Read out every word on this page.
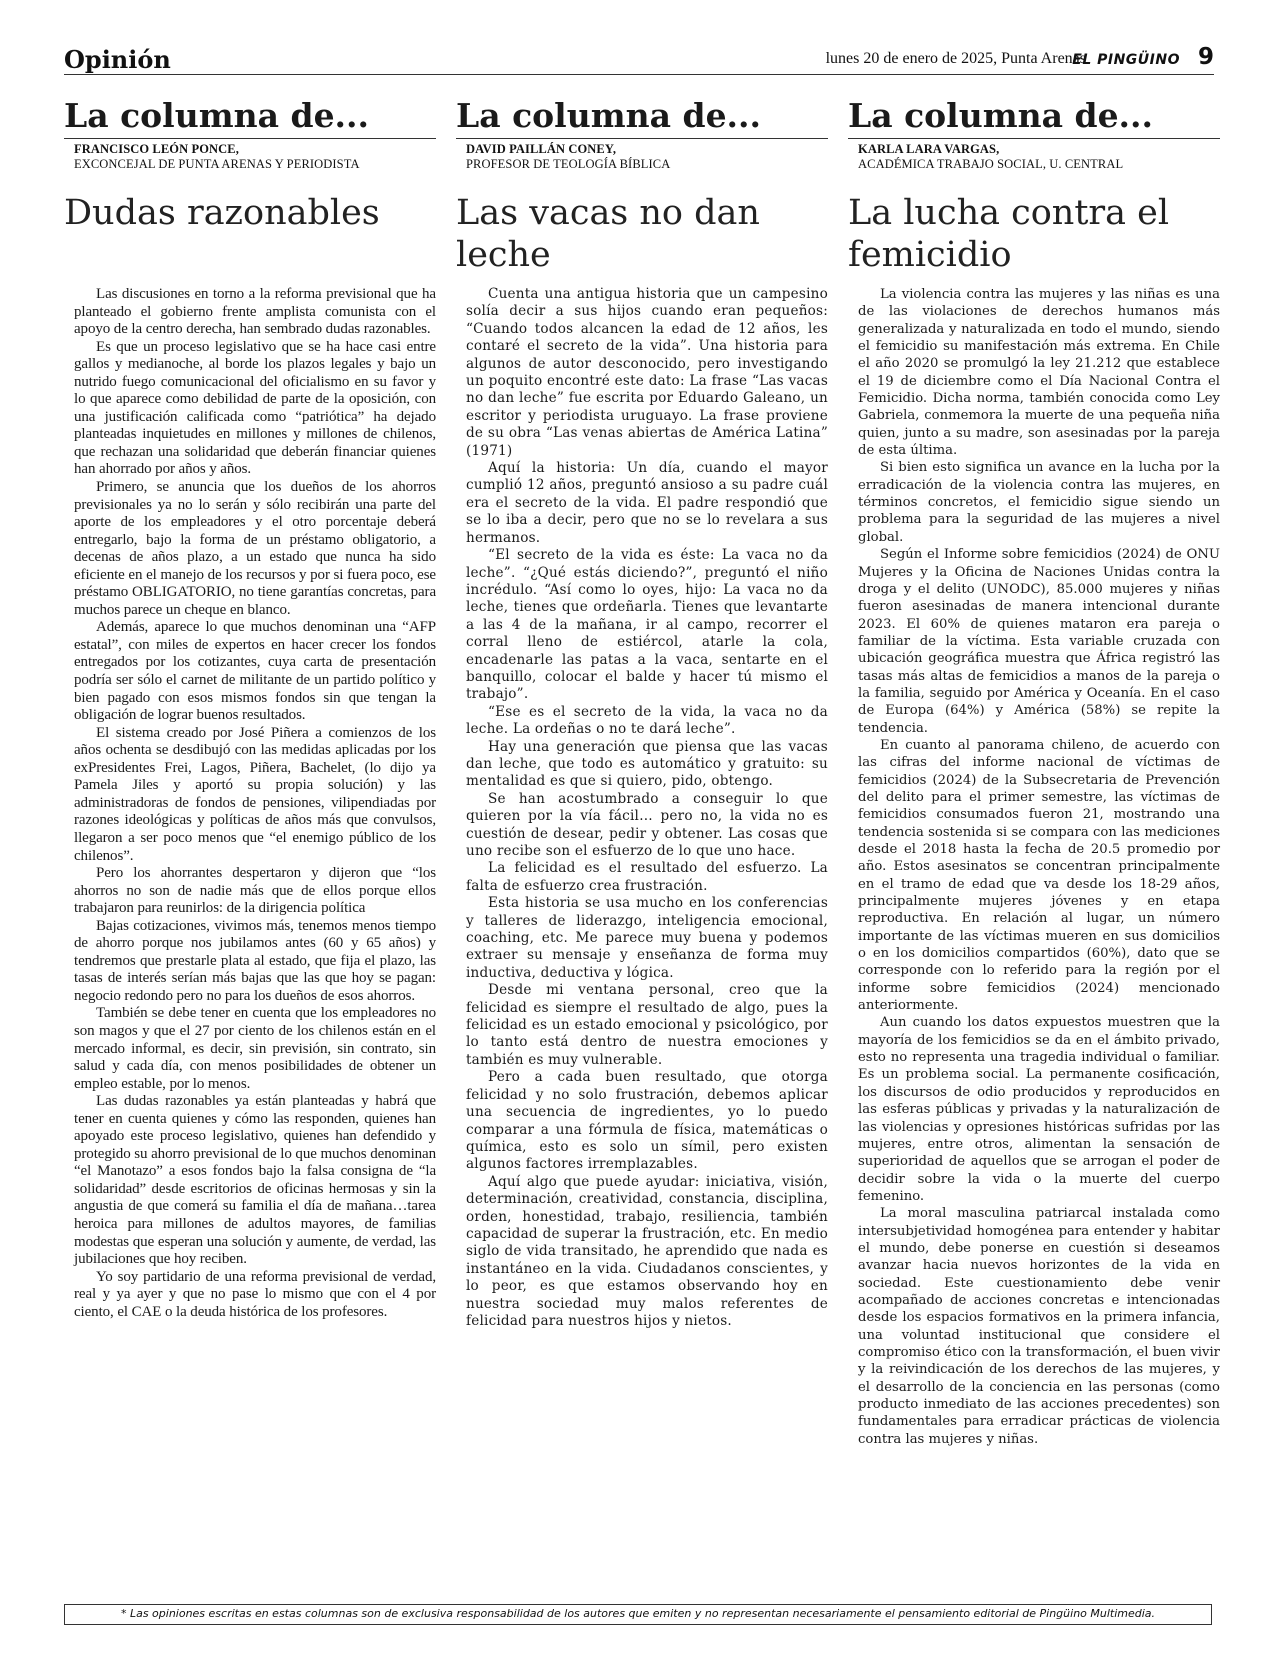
Opinión	lunes 20 de enero de 2025, Punta Arenas
EL PINGÜINO 9
La columna de...
FRANCISCO LEÓN PONCE,
EXCONCEJAL DE PUNTA ARENAS Y PERIODISTA
Dudas razonables

Las discusiones en torno a la reforma previsional que ha planteado el gobierno frente amplista comunista con el apoyo de la centro derecha, han sembrado dudas razonables.

Es que un proceso legislativo que se ha hace casi entre gallos y medianoche, al borde los plazos legales y bajo un nutrido fuego comunicacional del oficialismo en su favor y lo que aparece como debilidad de parte de la oposición, con una justificación calificada como “patriótica” ha dejado planteadas inquietudes en millones y millones de chilenos, que rechazan una solidaridad que deberán financiar quienes han ahorrado por años y años.

Primero, se anuncia que los dueños de los ahorros previsionales ya no lo serán y sólo recibirán una parte del aporte de los empleadores y el otro porcentaje deberá entregarlo, bajo la forma de un préstamo obligatorio, a decenas de años plazo, a un estado que nunca ha sido eficiente en el manejo de los recursos y por si fuera poco, ese préstamo OBLIGATORIO, no tiene garantías concretas, para muchos parece un cheque en blanco.

Además, aparece lo que muchos denominan una “AFP estatal”, con miles de expertos en hacer crecer los fondos entregados por los cotizantes, cuya carta de presentación podría ser sólo el carnet de militante de un partido político y bien pagado con esos mismos fondos sin que tengan la obligación de lograr buenos resultados.

El sistema creado por José Piñera a comienzos de los años ochenta se desdibujó con las medidas aplicadas por los exPresidentes Frei, Lagos, Piñera, Bachelet, (lo dijo ya Pamela Jiles y aportó su propia solución) y las administradoras de fondos de pensiones, vilipendiadas por razones ideológicas y políticas de años más que convulsos, llegaron a ser poco menos que “el enemigo público de los chilenos”.

Pero los ahorrantes despertaron y dijeron que “los ahorros no son de nadie más que de ellos porque ellos trabajaron para reunirlos: de la dirigencia política

Bajas cotizaciones, vivimos más, tenemos menos tiempo de ahorro porque nos jubilamos antes (60 y 65 años) y tendremos que prestarle plata al estado, que fija el plazo, las tasas de interés serían más bajas que las que hoy se pagan: negocio redondo pero no para los dueños de esos ahorros.

También se debe tener en cuenta que los empleadores no son magos y que el 27 por ciento de los chilenos están en el mercado informal, es decir, sin previsión, sin contrato, sin salud y cada día, con menos posibilidades de obtener un empleo estable, por lo menos.

Las dudas razonables ya están planteadas y habrá que tener en cuenta quienes y cómo las responden, quienes han apoyado este proceso legislativo, quienes han defendido y protegido su ahorro previsional de lo que muchos denominan “el Manotazo” a esos fondos bajo la falsa consigna de “la solidaridad” desde escritorios de oficinas hermosas y sin la angustia de que comerá su familia el día de mañana…tarea heroica para millones de adultos mayores, de familias modestas que esperan una solución y aumente, de verdad, las jubilaciones que hoy reciben.

Yo soy partidario de una reforma previsional de verdad, real y ya ayer y que no pase lo mismo que con el 4 por ciento, el CAE o la deuda histórica de los profesores.

La columna de...
DAVID PAILLÁN CONEY,
PROFESOR DE TEOLOGÍA BÍBLICA
Las vacas no dan leche

Cuenta una antigua historia que un campesino solía decir a sus hijos cuando eran pequeños: “Cuando todos alcancen la edad de 12 años, les contaré el secreto de la vida”. Una historia para algunos de autor desconocido, pero investigando un poquito encontré este dato: La frase “Las vacas no dan leche” fue escrita por Eduardo Galeano, un escritor y periodista uruguayo. La frase proviene de su obra “Las venas abiertas de América Latina” (1971)

Aquí la historia: Un día, cuando el mayor cumplió 12 años, preguntó ansioso a su padre cuál era el secreto de la vida. El padre respondió que se lo iba a decir, pero que no se lo revelara a sus hermanos.

“El secreto de la vida es éste: La vaca no da leche”. “¿Qué estás diciendo?”, preguntó el niño incrédulo. “Así como lo oyes, hijo: La vaca no da leche, tienes que ordeñarla. Tienes que levantarte a las 4 de la mañana, ir al campo, recorrer el corral lleno de estiércol, atarle la cola, encadenarle las patas a la vaca, sentarte en el banquillo, colocar el balde y hacer tú mismo el trabajo”.

“Ese es el secreto de la vida, la vaca no da leche. La ordeñas o no te dará leche”.

Hay una generación que piensa que las vacas dan leche, que todo es automático y gratuito: su mentalidad es que si quiero, pido, obtengo.

Se han acostumbrado a conseguir lo que quieren por la vía fácil… pero no, la vida no es cuestión de desear, pedir y obtener. Las cosas que uno recibe son el esfuerzo de lo que uno hace.

La felicidad es el resultado del esfuerzo. La falta de esfuerzo crea frustración.

Esta historia se usa mucho en los conferencias y talleres de liderazgo, inteligencia emocional, coaching, etc. Me parece muy buena y podemos extraer su mensaje y enseñanza de forma muy inductiva, deductiva y lógica.

Desde mi ventana personal, creo que la felicidad es siempre el resultado de algo, pues la felicidad es un estado emocional y psicológico, por lo tanto está dentro de nuestra emociones y también es muy vulnerable.

Pero a cada buen resultado, que otorga felicidad y no solo frustración, debemos aplicar una secuencia de ingredientes, yo lo puedo comparar a una fórmula de física, matemáticas o química, esto es solo un símil, pero existen algunos factores irremplazables.

Aquí algo que puede ayudar: iniciativa, visión, determinación, creatividad, constancia, disciplina, orden, honestidad, trabajo, resiliencia, también capacidad de superar la frustración, etc. En medio siglo de vida transitado, he aprendido que nada es instantáneo en la vida. Ciudadanos conscientes, y lo peor, es que estamos observando hoy en nuestra sociedad muy malos referentes de felicidad para nuestros hijos y nietos.

La columna de...
KARLA LARA VARGAS,
ACADÉMICA TRABAJO SOCIAL, U. CENTRAL
La lucha contra el femicidio

La violencia contra las mujeres y las niñas es una de las violaciones de derechos humanos más generalizada y naturalizada en todo el mundo, siendo el femicidio su manifestación más extrema. En Chile el año 2020 se promulgó la ley 21.212 que establece el 19 de diciembre como el Día Nacional Contra el Femicidio. Dicha norma, también conocida como Ley Gabriela, conmemora la muerte de una pequeña niña quien, junto a su madre, son asesinadas por la pareja de esta última.

Si bien esto significa un avance en la lucha por la erradicación de la violencia contra las mujeres, en términos concretos, el femicidio sigue siendo un problema para la seguridad de las mujeres a nivel global.

Según el Informe sobre femicidios (2024) de ONU Mujeres y la Oficina de Naciones Unidas contra la droga y el delito (UNODC), 85.000 mujeres y niñas fueron asesinadas de manera intencional durante 2023. El 60% de quienes mataron era pareja o familiar de la víctima. Esta variable cruzada con ubicación geográfica muestra que África registró las tasas más altas de femicidios a manos de la pareja o la familia, seguido por América y Oceanía. En el caso de Europa (64%) y América (58%) se repite la tendencia.

En cuanto al panorama chileno, de acuerdo con las cifras del informe nacional de víctimas de femicidios (2024) de la Subsecretaria de Prevención del delito para el primer semestre, las víctimas de femicidios consumados fueron 21, mostrando una tendencia sostenida si se compara con las mediciones desde el 2018 hasta la fecha de 20.5 promedio por año. Estos asesinatos se concentran principalmente en el tramo de edad que va desde los 18-29 años, principalmente mujeres jóvenes y en etapa reproductiva. En relación al lugar, un número importante de las víctimas mueren en sus domicilios o en los domicilios compartidos (60%), dato que se corresponde con lo referido para la región por el informe sobre femicidios (2024) mencionado anteriormente.

Aun cuando los datos expuestos muestren que la mayoría de los femicidios se da en el ámbito privado, esto no representa una tragedia individual o familiar. Es un problema social. La permanente cosificación, los discursos de odio producidos y reproducidos en las esferas públicas y privadas y la naturalización de las violencias y opresiones históricas sufridas por las mujeres, entre otros, alimentan la sensación de superioridad de aquellos que se arrogan el poder de decidir sobre la vida o la muerte del cuerpo femenino.

La moral masculina patriarcal instalada como intersubjetividad homogénea para entender y habitar el mundo, debe ponerse en cuestión si deseamos avanzar hacia nuevos horizontes de la vida en sociedad. Este cuestionamiento debe venir acompañado de acciones concretas e intencionadas desde los espacios formativos en la primera infancia, una voluntad institucional que considere el compromiso ético con la transformación, el buen vivir y la reivindicación de los derechos de las mujeres, y el desarrollo de la conciencia en las personas (como producto inmediato de las acciones precedentes) son fundamentales para erradicar prácticas de violencia contra las mujeres y niñas.

* Las opiniones escritas en estas columnas son de exclusiva responsabilidad de los autores que emiten y no representan necesariamente el pensamiento editorial de Pingüino Multimedia.
